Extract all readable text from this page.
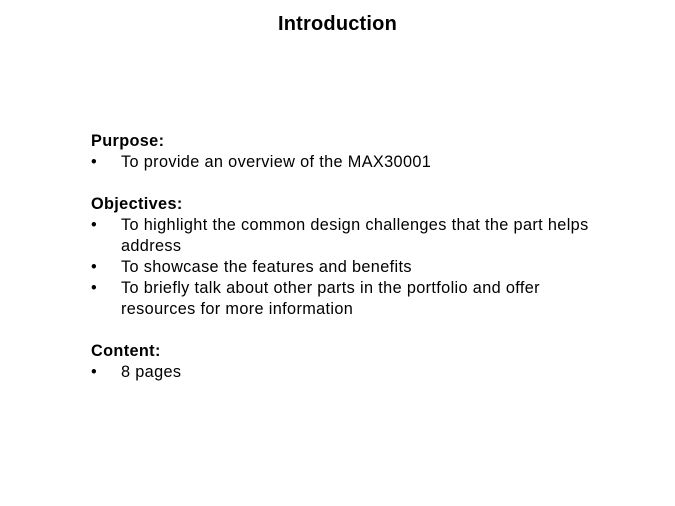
Introduction
Purpose:
• To provide an overview of the MAX30001
Objectives:
• To highlight the common design challenges that the part helps address
• To showcase the features and benefits
• To briefly talk about other parts in the portfolio and offer resources for more information
Content:
• 8 pages
